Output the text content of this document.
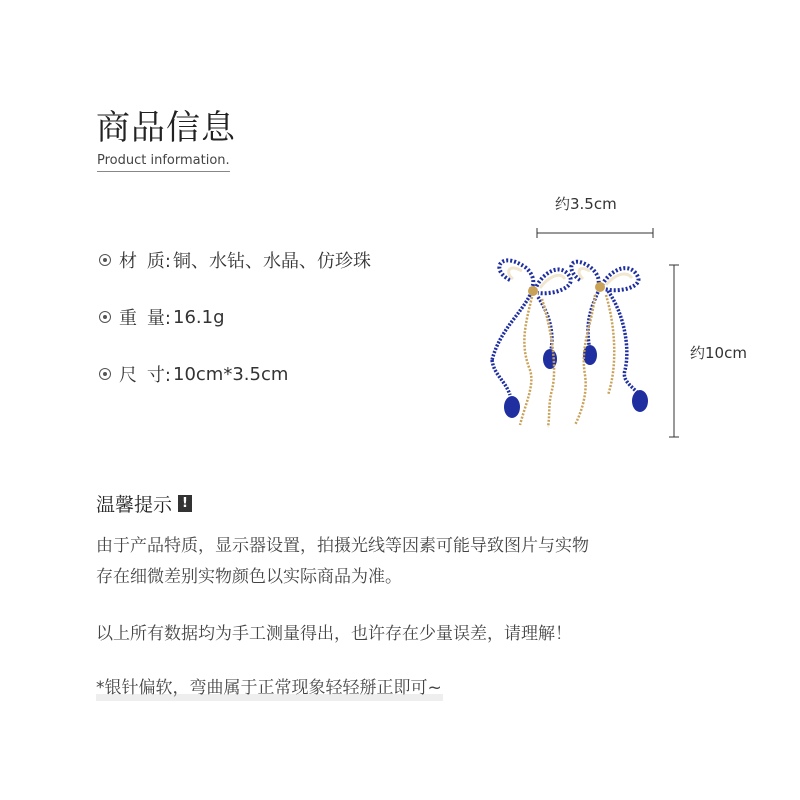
商品信息
Product information.
材 质: 铜、水钻、水晶、仿珍珠
重 量: 16.1g
尺 寸: 10cm*3.5cm
约3.5cm
约10cm
温馨提示 !
由于产品特质，显示器设置，拍摄光线等因素可能导致图片与实物
存在细微差别实物颜色以实际商品为准。
以上所有数据均为手工测量得出，也许存在少量误差，请理解！
*银针偏软，弯曲属于正常现象轻轻掰正即可~
